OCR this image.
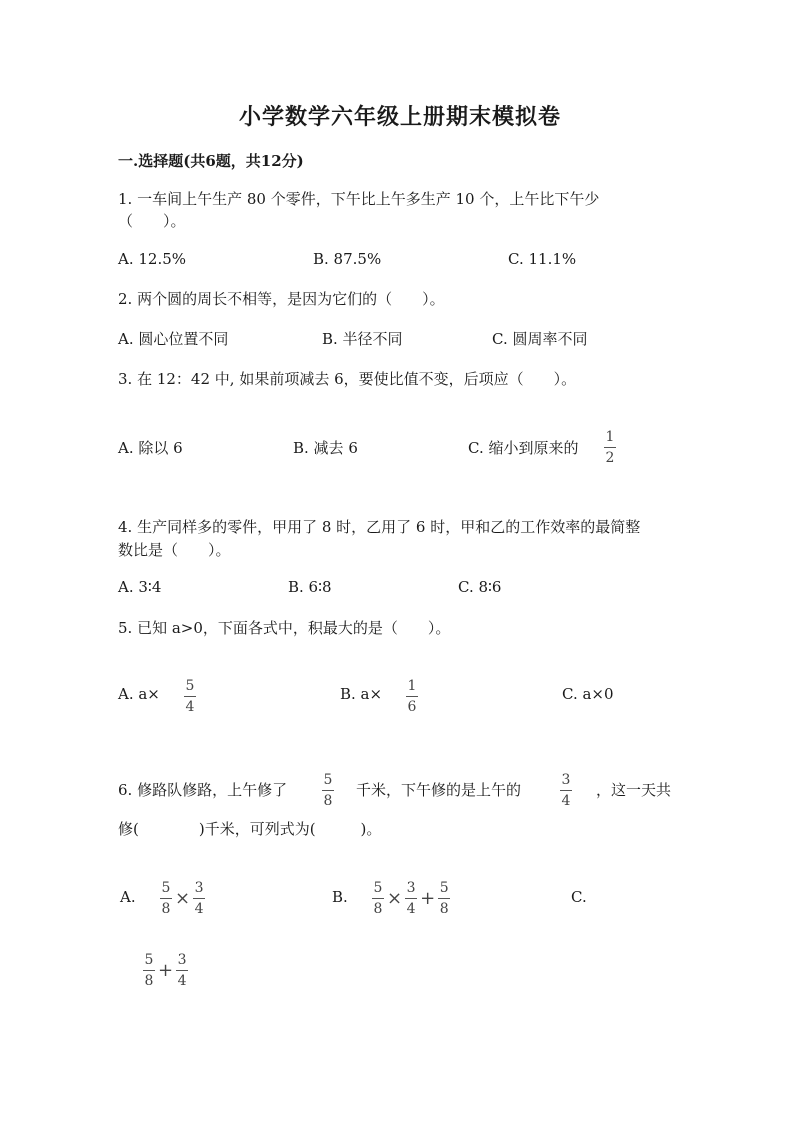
小学数学六年级上册期末模拟卷
一.选择题(共6题，共12分)
1. 一车间上午生产 80 个零件，下午比上午多生产 10 个，上午比下午少
（　　）。
A. 12.5%	B. 87.5%	C. 11.1%
2. 两个圆的周长不相等，是因为它们的（　　）。
A. 圆心位置不同	B. 半径不同	C. 圆周率不同
3. 在 12：42 中, 如果前项减去 6，要使比值不变，后项应（　　）。
A. 除以 6	B. 减去 6	C. 缩小到原来的
1
2
4. 生产同样多的零件，甲用了 8 时，乙用了 6 时，甲和乙的工作效率的最简整
数比是（　　）。
A. 3∶4	B. 6∶8	C. 8∶6
5. 已知 a>0，下面各式中，积最大的是（　　）。
A. a× 5
4
B. a× 1
6
C. a×0
6. 修路队修路，上午修了
5
8
千米，下午修的是上午的
3
4
，这一天共
修(　　　　)千米，可列式为(　　　)。
A. $\frac{5}{8} \times \frac{3}{4}$	B. $\frac{5}{8} \times \frac{3}{4} + \frac{5}{8}$	C.
$\frac{5}{8} + \frac{3}{4}$
